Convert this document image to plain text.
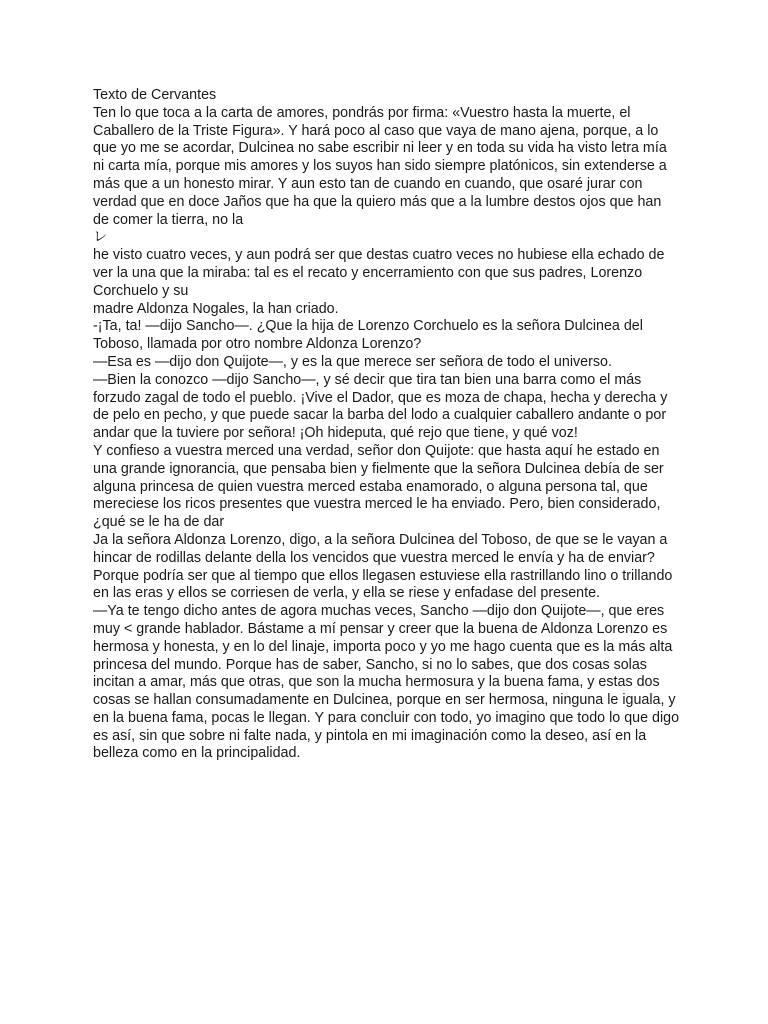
Texto de Cervantes

Ten lo que toca a la carta de amores, pondrás por firma: «Vuestro hasta la muerte, el

Caballero de la Triste Figura». Y hará poco al caso que vaya de mano ajena, porque, a lo

que yo me se acordar, Dulcinea no sabe escribir ni leer y en toda su vida ha visto letra mía

ni carta mía, porque mis amores y los suyos han sido siempre platónicos, sin extenderse a

más que a un honesto mirar. Y aun esto tan de cuando en cuando, que osaré jurar con

verdad que en doce Jaños que ha que la quiero más que a la lumbre destos ojos que han

de comer la tierra, no la

レ

he visto cuatro veces, y aun podrá ser que destas cuatro veces no hubiese ella echado de

ver la una que la miraba: tal es el recato y encerramiento con que sus padres, Lorenzo

Corchuelo y su

madre Aldonza Nogales, la han criado.

-¡Ta, ta! —dijo Sancho—. ¿Que la hija de Lorenzo Corchuelo es la señora Dulcinea del

Toboso, llamada por otro nombre Aldonza Lorenzo?

—Esa es —dijo don Quijote—, y es la que merece ser señora de todo el universo.

—Bien la conozco —dijo Sancho—, y sé decir que tira tan bien una barra como el más

forzudo zagal de todo el pueblo. ¡Vive el Dador, que es moza de chapa, hecha y derecha y

de pelo en pecho, y que puede sacar la barba del lodo a cualquier caballero andante o por

andar que la tuviere por señora! ¡Oh hideputa, qué rejo que tiene, y qué voz!

Y confieso a vuestra merced una verdad, señor don Quijote: que hasta aquí he estado en

una grande ignorancia, que pensaba bien y fielmente que la señora Dulcinea debía de ser

alguna princesa de quien vuestra merced estaba enamorado, o alguna persona tal, que

mereciese los ricos presentes que vuestra merced le ha enviado. Pero, bien considerado,

¿qué se le ha de dar

Ja la señora Aldonza Lorenzo, digo, a la señora Dulcinea del Toboso, de que se le vayan a

hincar de rodillas delante della los vencidos que vuestra merced le envía y ha de enviar?

Porque podría ser que al tiempo que ellos llegasen estuviese ella rastrillando lino o trillando

en las eras y ellos se corriesen de verla, y ella se riese y enfadase del presente.

—Ya te tengo dicho antes de agora muchas veces, Sancho —dijo don Quijote—, que eres

muy < grande hablador. Bástame a mí pensar y creer que la buena de Aldonza Lorenzo es

hermosa y honesta, y en lo del linaje, importa poco y yo me hago cuenta que es la más alta

princesa del mundo. Porque has de saber, Sancho, si no lo sabes, que dos cosas solas

incitan a amar, más que otras, que son la mucha hermosura y la buena fama, y estas dos

cosas se hallan consumadamente en Dulcinea, porque en ser hermosa, ninguna le iguala, y

en la buena fama, pocas le llegan. Y para concluir con todo, yo imagino que todo lo que digo

es así, sin que sobre ni falte nada, y pintola en mi imaginación como la deseo, así en la

belleza como en la principalidad.
